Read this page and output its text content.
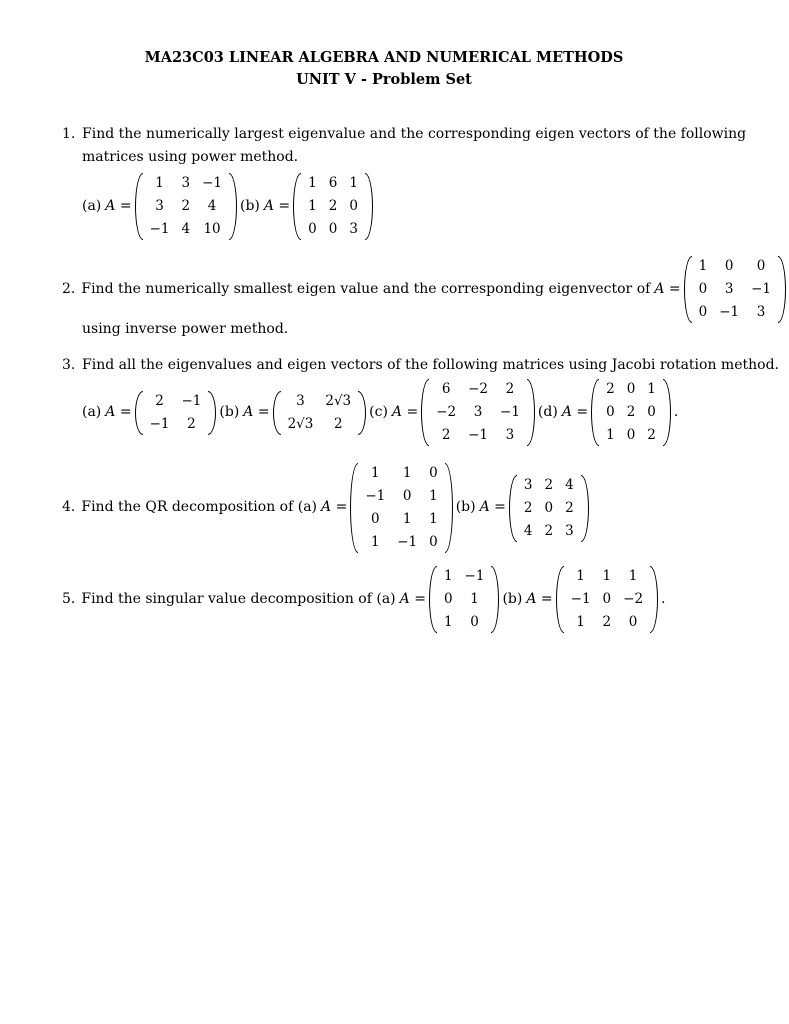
MA23C03 LINEAR ALGEBRA AND NUMERICAL METHODS
UNIT V - Problem Set
1. Find the numerically largest eigenvalue and the corresponding eigen vectors of the following
matrices using power method.
(a) A =
1	3	−1
3	2	4
−1	4	10
(b) A =
1	6	1
1	2	0
0	0	3
2. Find the numerically smallest eigen value and the corresponding eigenvector of A =
1	0	0
0	3	−1
0	−1	3
using inverse power method.
3. Find all the eigenvalues and eigen vectors of the following matrices using Jacobi rotation method.
(a) A =
2	−1
−1	2
(b) A =
3	2√3
2√3	2
(c) A =
6	−2	2
−2	3	−1
2	−1	3
(d) A =
2	0	1
0	2	0
1	0	2
.
4. Find the QR decomposition of (a) A =
1	1	0
−1	0	1
0	1	1
1	−1	0
(b) A =
3	2	4
2	0	2
4	2	3
5. Find the singular value decomposition of (a) A =
1	−1
0	1
1	0
(b) A =
1	1	1
−1	0	−2
1	2	0
.
